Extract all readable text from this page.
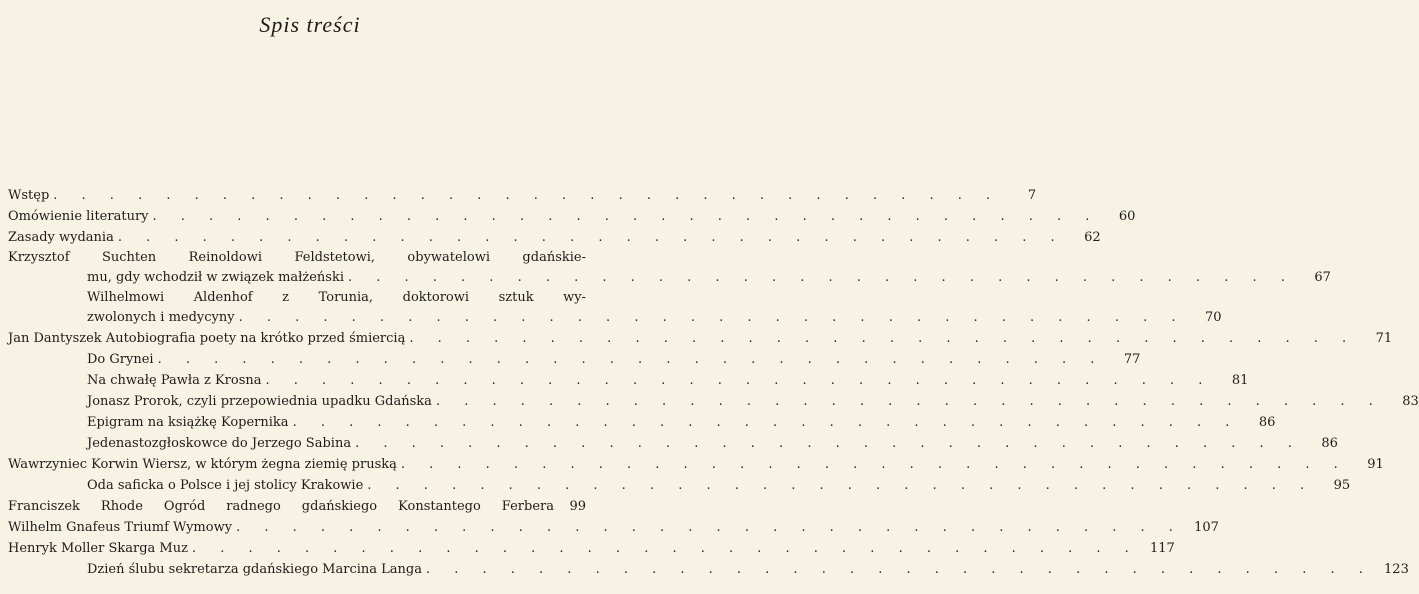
Spis treści
Wstęp . . . . . . . . . . . . . . . . . . . . . . . . . . . . . . . . . .	7
Omówienie literatury . . . . . . . . . . . . . . . . . . . . . . . . . . . . . . . . . .	60
Zasady wydania . . . . . . . . . . . . . . . . . . . . . . . . . . . . . . . . . .	62
Krzysztof Suchten Reinoldowi Feldstetowi, obywatelowi gdańskie-
mu, gdy wchodził w związek małżeński . . . . . . . . . . . . . . . . . . . . . . . . . . . . . . . . . .	67
Wilhelmowi Aldenhof z Torunia, doktorowi sztuk wy-
zwolonych i medycyny . . . . . . . . . . . . . . . . . . . . . . . . . . . . . . . . . .	70
Jan Dantyszek Autobiografia poety na krótko przed śmiercią . . . . . . . . . . . . . . . . . . . . . . . . . . . . . . . . . .	71
Do Grynei . . . . . . . . . . . . . . . . . . . . . . . . . . . . . . . . . .	77
Na chwałę Pawła z Krosna . . . . . . . . . . . . . . . . . . . . . . . . . . . . . . . . . .	81
Jonasz Prorok, czyli przepowiednia upadku Gdańska . . . . . . . . . . . . . . . . . . . . . . . . . . . . . . . . . .	83
Epigram na książkę Kopernika . . . . . . . . . . . . . . . . . . . . . . . . . . . . . . . . . .	86
Jedenastozgłoskowce do Jerzego Sabina . . . . . . . . . . . . . . . . . . . . . . . . . . . . . . . . . .	86
Wawrzyniec Korwin Wiersz, w którym żegna ziemię pruską . . . . . . . . . . . . . . . . . . . . . . . . . . . . . . . . . .	91
Oda saficka o Polsce i jej stolicy Krakowie . . . . . . . . . . . . . . . . . . . . . . . . . . . . . . . . . .	95
Franciszek Rhode Ogród radnego gdańskiego Konstantego Ferbera	99
Wilhelm Gnafeus Triumf Wymowy . . . . . . . . . . . . . . . . . . . . . . . . . . . . . . . . . . 107
Henryk Moller Skarga Muz . . . . . . . . . . . . . . . . . . . . . . . . . . . . . . . . . . 117
Dzień ślubu sekretarza gdańskiego Marcina Langa . . . . . . . . . . . . . . . . . . . . . . . . . . . . . . . . . . 123
